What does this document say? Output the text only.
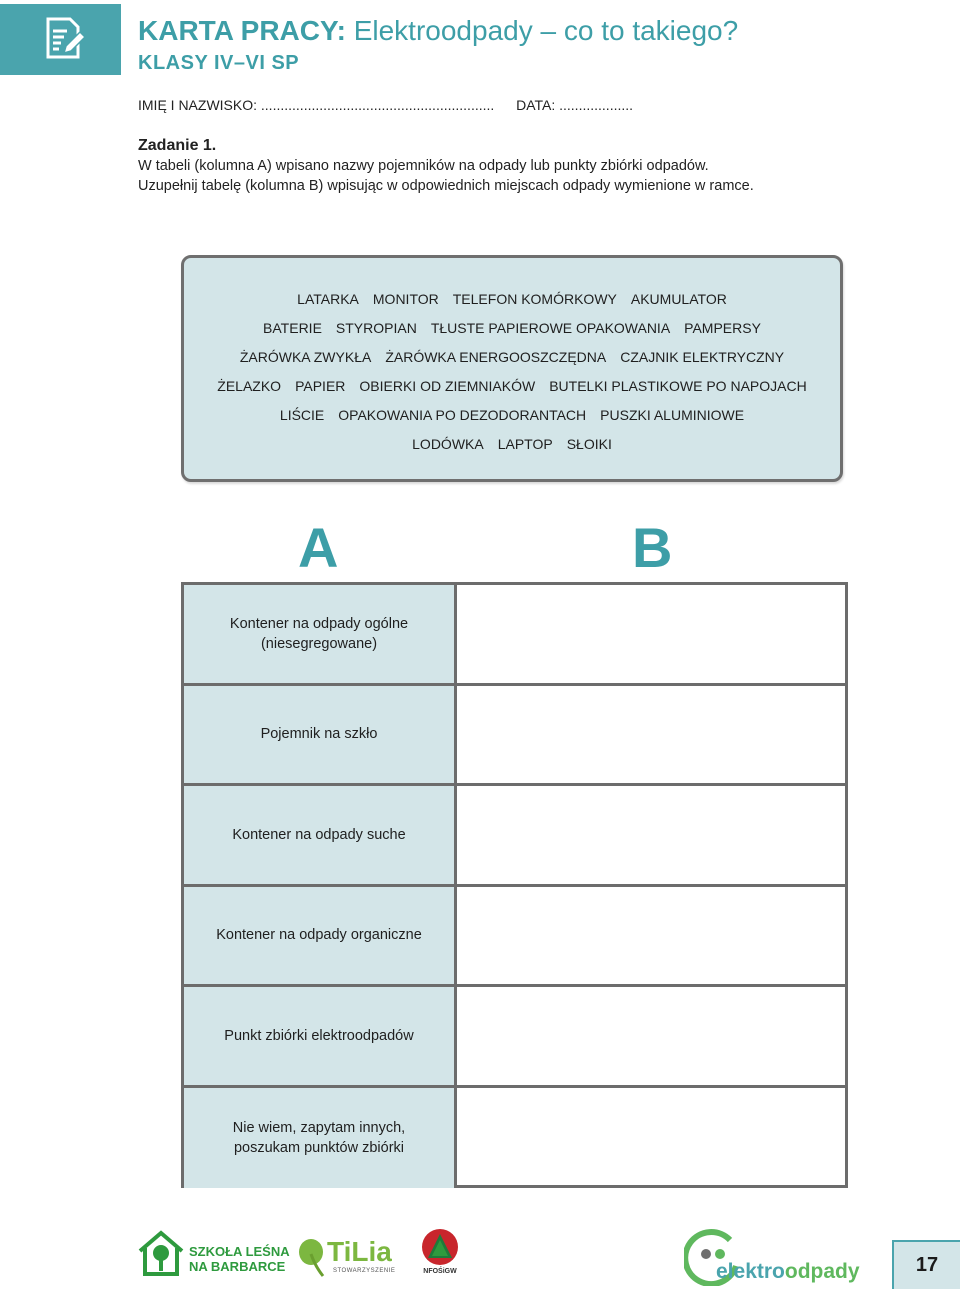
KARTA PRACY: Elektroodpady – co to takiego?
KLASY IV–VI SP
IMIĘ I NAZWISKO: ............................................................ DATA: ...................
Zadanie 1.
W tabeli (kolumna A) wpisano nazwy pojemników na odpady lub punkty zbiórki odpadów.
Uzupełnij tabelę (kolumna B) wpisując w odpowiednich miejscach odpady wymienione w ramce.
LATARKA MONITOR TELEFON KOMÓRKOWY AKUMULATOR
BATERIE STYROPIAN TŁUSTE PAPIEROWE OPAKOWANIA PAMPERSY
ŻARÓWKA ZWYKŁA ŻARÓWKA ENERGOOSZCZĘDNA CZAJNIK ELEKTRYCZNY
ŻELAZKO PAPIER OBIERKI OD ZIEMNIAKÓW BUTELKI PLASTIKOWE PO NAPOJACH
LIŚCIE OPAKOWANIA PO DEZODORANTACH PUSZKI ALUMINIOWE
LODÓWKA LAPTOP SŁOIKI
A	B
Kontener na odpady ogólne
(niesegregowane)
Pojemnik na szkło
Kontener na odpady suche
Kontener na odpady organiczne
Punkt zbiórki elektroodpadów
Nie wiem, zapytam innych,
poszukam punktów zbiórki
SZKOŁA LEŚNA
NA BARBARCE TiLia
STOWARZYSZENIE	NFOŚiGW	elektroodpady	17
